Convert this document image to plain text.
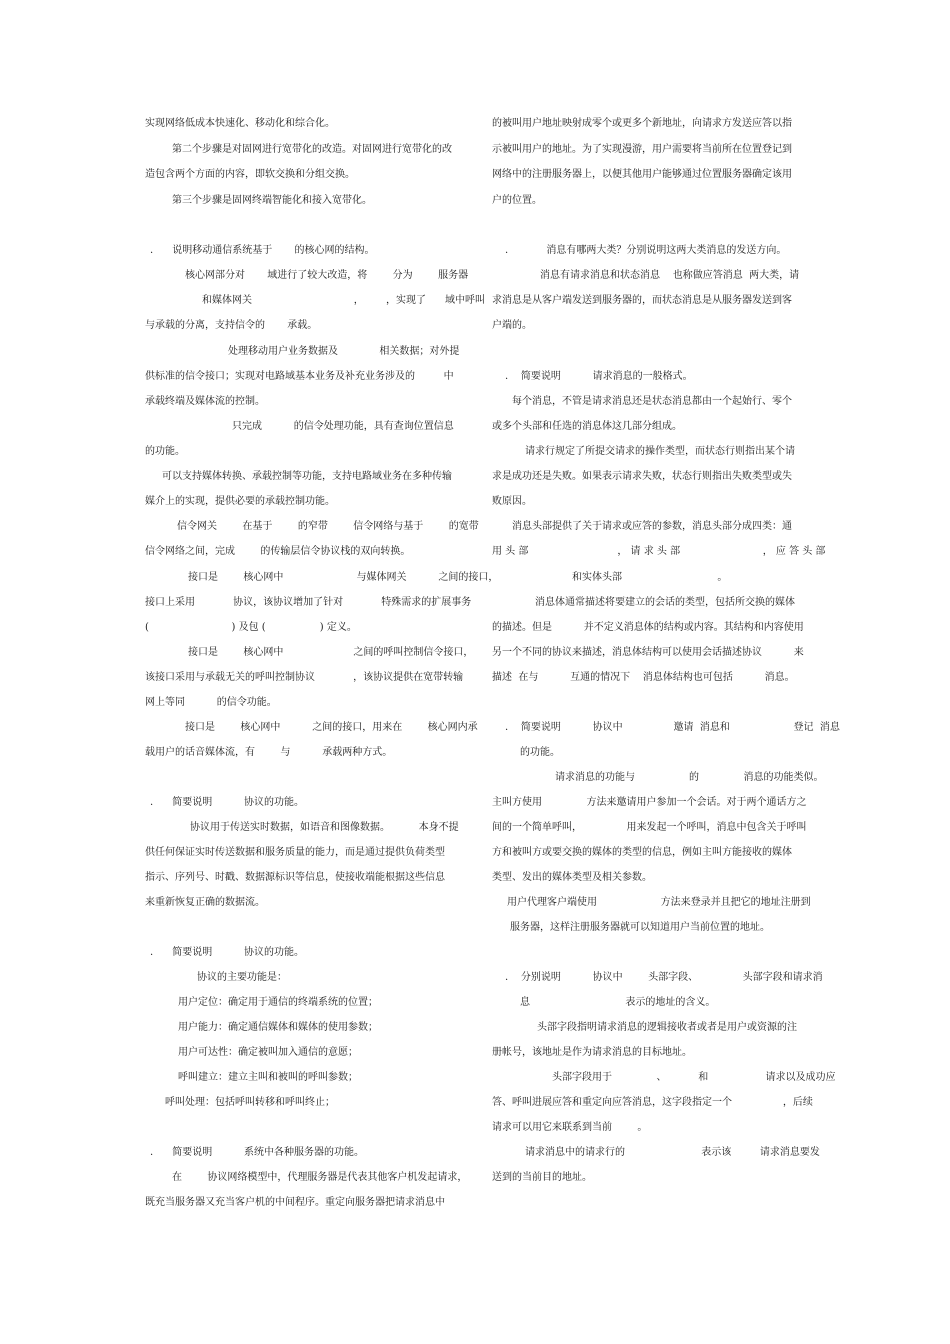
实现网络低成本快速化、移动化和综合化。
第二个步骤是对固网进行宽带化的改造。对固网进行宽带化的改
造包含两个方面的内容，即软交换和分组交换。
第三个步骤是固网终端智能化和接入宽带化。
.      说明移动通信系统基于       的核心网的结构。
核心网部分对       域进行了较大改造，将        分为        服务器
和媒体网关                                ，       ，实现了      域中呼叫
与承载的分离，支持信令的       承载。
处理移动用户业务数据及             相关数据；对外提
供标准的信令接口；实现对电路域基本业务及补充业务涉及的         中
承载终端及媒体流的控制。
只完成          的信令处理功能，具有查询位置信息
的功能。
可以支持媒体转换、承载控制等功能，支持电路域业务在多种传输
媒介上的实现，提供必要的承载控制功能。
信令网关        在基于        的窄带        信令网络与基于        的宽带
信令网络之间，完成        的传输层信令协议栈的双向转换。
接口是        核心网中                       与媒体网关          之间的接口，
接口上采用            协议，该协议增加了针对            特殊需求的扩展事务
(                          ) 及包 (                 ) 定义。
接口是        核心网中                      之间的呼叫控制信令接口，
该接口采用与承载无关的呼叫控制协议            ，该协议提供在宽带转输
网上等同          的信令功能。
接口是        核心网中          之间的接口，用来在        核心网内承
载用户的话音媒体流，有        与          承载两种方式。
.      简要说明          协议的功能。
协议用于传送实时数据，如语音和图像数据。         本身不提
供任何保证实时传送数据和服务质量的能力，而是通过提供负荷类型
指示、序列号、时戳、数据源标识等信息，使接收端能根据这些信息
来重新恢复正确的数据流。
.      简要说明          协议的功能。
协议的主要功能是：
用户定位：确定用于通信的终端系统的位置；
用户能力：确定通信媒体和媒体的使用参数；
用户可达性：确定被叫加入通信的意愿；
呼叫建立：建立主叫和被叫的呼叫参数；
呼叫处理：包括呼叫转移和呼叫终止；
.      简要说明          系统中各种服务器的功能。
在        协议网络模型中，代理服务器是代表其他客户机发起请求，
既充当服务器又充当客户机的中间程序。重定向服务器把请求消息中
的被叫用户地址映射成零个或更多个新地址，向请求方发送应答以指
示被叫用户的地址。为了实现漫游，用户需要将当前所在位置登记到
网络中的注册服务器上，以便其他用户能够通过位置服务器确定该用
户的位置。
.            消息有哪两大类？分别说明这两大类消息的发送方向。
消息有请求消息和状态消息    也称做应答消息  两大类，请
求消息是从客户端发送到服务器的，而状态消息是从服务器发送到客
户端的。
.    简要说明          请求消息的一般格式。
每个消息，不管是请求消息还是状态消息都由一个起始行、零个
或多个头部和任选的消息体这几部分组成。
请求行规定了所提交请求的操作类型，而状态行则指出某个请
求是成功还是失败。如果表示请求失败，状态行则指出失败类型或失
败原因。
消息头部提供了关于请求或应答的参数，消息头部分成四类：通
用 头 部                            ， 请 求 头 部                          ， 应 答 头 部
和实体头部                              。
消息体通常描述将要建立的会话的类型，包括所交换的媒体
的描述。但是          并不定义消息体的结构或内容。其结构和内容使用
另一个不同的协议来描述，消息体结构可以使用会话描述协议          来
描述  在与          互通的情况下    消息体结构也可包括          消息。
.    简要说明          协议中                邀请  消息和                    登记  消息
的功能。
请求消息的功能与                 的              消息的功能类似。
主叫方使用              方法来邀请用户参加一个会话。对于两个通话方之
间的一个简单呼叫，              用来发起一个呼叫，消息中包含关于呼叫
方和被叫方或要交换的媒体的类型的信息，例如主叫方能接收的媒体
类型、发出的媒体类型及相关参数。
用户代理客户端使用                    方法来登录并且把它的地址注册到
服务器，这样注册服务器就可以知道用户当前位置的地址。
.    分别说明          协议中        头部字段、              头部字段和请求消
息                              表示的地址的含义。
头部字段指明请求消息的逻辑接收者或者是用户或资源的注
册帐号，该地址是作为请求消息的目标地址。
头部字段用于              、          和                  请求以及成功应
答、呼叫进展应答和重定向应答消息，这字段指定一个                ，后续
请求可以用它来联系到当前        。
请求消息中的请求行的                        表示该         请求消息要发
送到的当前目的地址。
